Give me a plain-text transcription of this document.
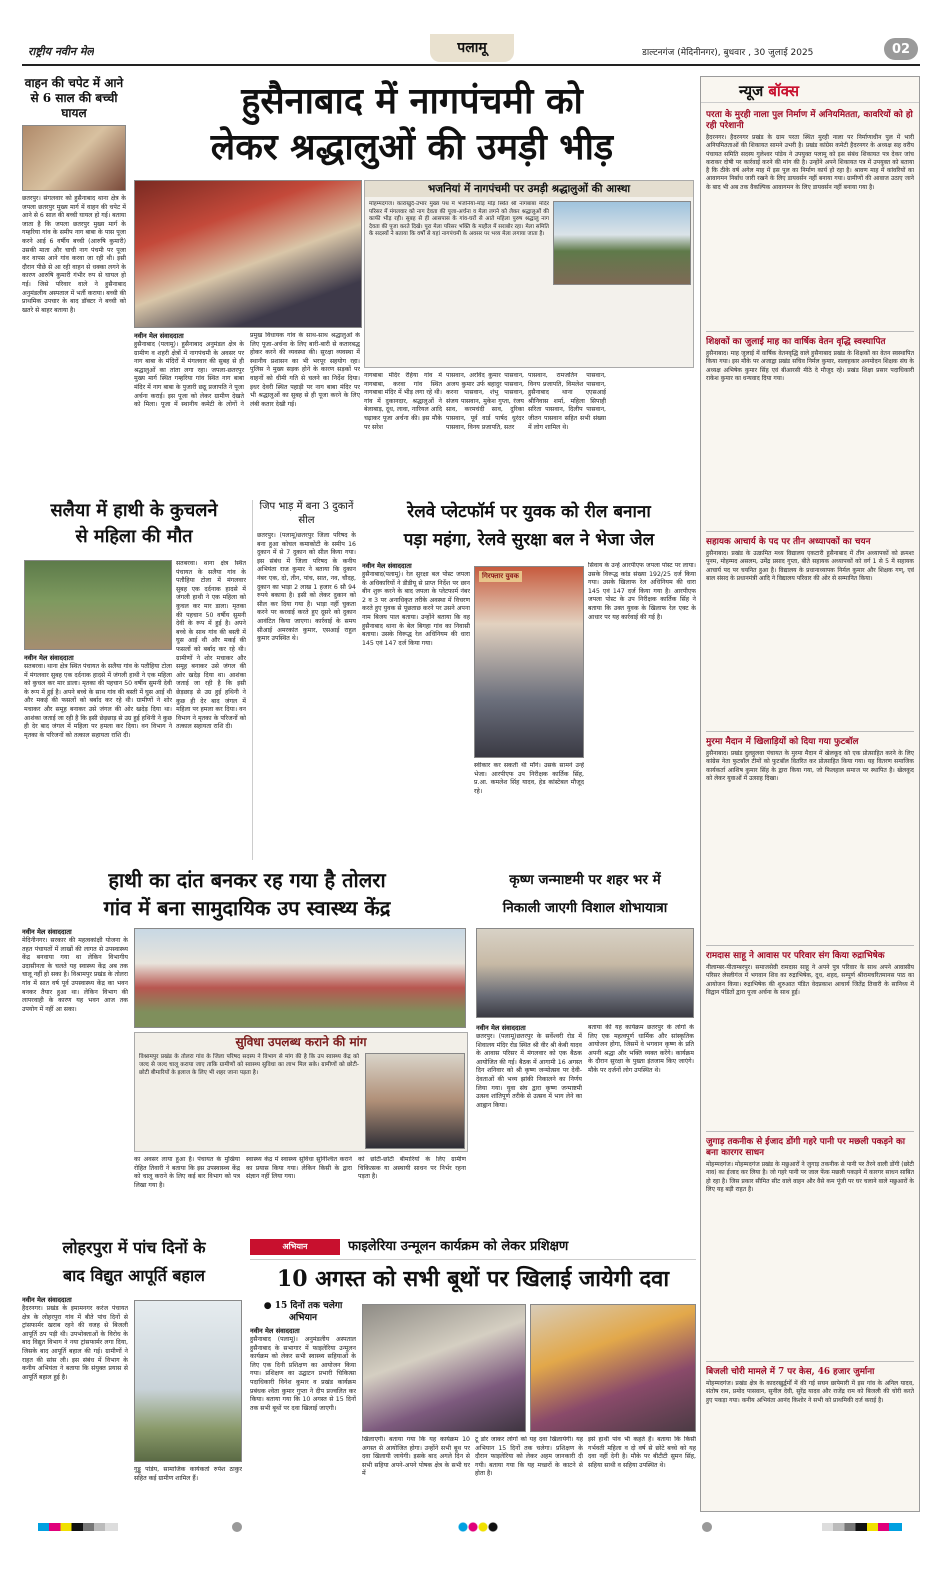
राष्ट्रीय नवीन मेल	पलामू	डाल्टनगंज (मेदिनीनगर), बुधवार , 30 जुलाई 2025	02
वाहन की चपेट में आने से 6 साल की बच्ची घायल
छतरपुर। संगलवार को हुसैनाबाद थाना क्षेत्र के जपला छतरपुर मुख्य मार्ग में वाहन की चपेट में आने से 6 साल की बच्ची घायल हो गई। बताया जाता है कि जपला छतरपुर मुख्य मार्ग के गम्हरिया गांव के समीप नाग बाबा के पास पूजा करने आई 6 वर्षीय बच्ची (आरुषि कुमारी) उसकी माता और चाची नाग पंचमी पर पूजा कर वापस आने गांव करवा जा रही थी। इसी दौरान पीछे से आ रही वाहन से धक्का लगने के कारण आरुषि कुमारी गंभीर रुप से घायल हो गई। जिसे परिवार वाले ने हुसैनाबाद अनुमंडलीय अस्पताल में भर्ती कराया। बच्ची की प्राथमिक उपचार के बाद डॉक्टर ने बच्ची को खतरे से बाहर बताया है।
हुसैनाबाद में नागपंचमी को
लेकर श्रद्धालुओं की उमड़ी भीड़
नवीन मेल संवाददाता
हुसैनाबाद (पलामू)। हुसैनाबाद अनुमंडल क्षेत्र के ग्रामीण व शहरी क्षेत्रों में नागपंचमी के अवसर पर नाग बाबा के मंदिरों में मंगलवार की सुबह से ही श्रद्धालुओं का तांता लगा रहा। जपला-छतरपुर मुख्य मार्ग स्थित गम्हरिया गांव स्थित नाग बाबा मंदिर में नाग बाबा के पुजारी छठू प्रजापति ने पूजा अर्चना कराई। इस पूजा को लेकर ग्रामीण देखते को मिला। पूजा में स्थानीय कमेटी के लोगों ने प्रमुख विधायक गांव के साथ-साथ श्रद्धालुओं के लिए पूजा-अर्चना के लिए बारी-बारी से कतारबद्ध होकर करने की व्यवस्था की। सुरक्षा व्यवस्था में स्थानीय प्रशासन का भी भरपूर सहयोग रहा। पुलिस ने मुख्य सड़क होने के कारण सड़कों पर वाहनों को धीमी गति से चलने का निर्देश दिया। इधर देवरी स्थित पहाड़ी पर नाग बाबा मंदिर पर भी श्रद्धालुओं का सुबह से ही पूजा करने के लिए लंबी कतार देखी गई।
भजनियां में नागपंचमी पर उमड़ी श्रद्धालुओं की आस्था
मोहम्मदगंज। काराखुर्द-उभार मुख्य पथ में भजनियां-मोड़ मोड़ स्थित श्री नागबाबा मंदिर परिसर में मंगलवार को नाग देवता की पूजा-अर्चना व मेला लगने को लेकर श्रद्धालुओं की काफी भीड़ रही। सुबह से ही आसपास के गांव-घरों से आते महिला पुरुष श्रद्धालु नाग देवता की पूजा करते दिखे। पूरा मेला परिसर भक्ति के माहौल में सराबोर रहा। मेला समिति के सदस्यों ने बताया कि वर्षों से यहां नागपंचमी के अवसर पर भव्य मेला लगाया जाता है।
नागबाबा मंदिर रेहिया गांव में नागबाबा, करवा गांव स्थित नागबाबा मंदिर में भीड़ लगा रहे थी। गांव में दुकानदार, श्रद्धालुओं ने बेलाबाड़, दूध, लावा, नारियल आदि चढ़ाकर पूजा अर्चना की। इस मौके पर सरेश
पासवान, अरविंद कुमार पासवान, अजय कुमार उर्फ बहादुर पासवान, करना पासवान, शंभु पासवान, संजय पासवान, मुकेश गुप्ता, रंजय साव, करमचंदी साव, दुरिका पासवान, पूर्व वार्ड पार्षद धुरंदर पासवान, विनय प्रजापति, सतर
पासवान, रामजतिन पासवान, विनय प्रजापति, विमलेश पासवान, हुसैनाबाद थाना एएसआई श्रीनिवास शर्मा, महिला सिपाही सरिता पासवान, दिलीप पासवान, जीतन पासवान सहित सभी संख्या में लोग शामिल थे।
न्यूज बॉक्स
परता के मुरही नाला पुल निर्माण में अनियमितता, कावरियों को हो रही परेशानी
हैदरनगर। हैदरनगर प्रखंड के ग्राम परता स्थित मुरही नाला पर निर्माणाधीन पुल में भारी अनियमितताओं की शिकायत सामने उभरी है। प्रखंड कांग्रेस कमेटी हैदरनगर के अध्यक्ष सह वरीय पंचायत समिति सदस्य गुलेश्वर पांडेय ने उपयुक्त पलामू को इस संबंध शिकायत पत्र देकर जांच कराकर दोषी पर कार्रवाई करने की मांग की है। उन्होंने अपने शिकायत पत्र में उपयुक्त को बताया है कि ठीके वर्ष अगेल माह में इस पुल का निर्माण कार्य हो रहा है। श्रावण माह में कांवरियों का आवागमन निर्बाध जारी रखने के लिए डायवर्सन नहीं बनाया गया। ग्रामीणों की आवाज उठाए जाने के बाद भी अब तक वैकल्पिक आवागमन के लिए डायवर्सन नहीं बनाया गया है।
शिक्षकों का जुलाई माह का वार्षिक वेतन वृद्धि स्वस्थापित
हुसैनाबाद। माह जुलाई में वार्षिक वेतनवृद्धि वाले हुसैनाबाद प्रखंड के शिक्षकों का वेतन स्वस्थापित किया गया। इस मौके पर अजाद्वा प्रखंड सचिव निर्मल कुमार, सलाहकार अनमोदन शिक्षक संघ के अध्यक्ष अभिषेक कुमार सिंह एवं बीआरसी मीठे दे मौजूद रहे। प्रखंड शिक्षा प्रसार पदाधिकारी राकेश कुमार का धन्यवाद दिया गया।
सहायक आचार्य के पद पर तीन अध्यापकों का चयन
हुसैनाबाद। प्रखंड के उत्क्रमित मध्य विद्यालय एकटारी हुसैनाबाद में तीन अध्यापकों को क्रमशः पूनम, मोहम्मद असलम, उमेंद्र प्रसाद गुप्ता, बीते सहायक अध्यापकों को वर्ग 1 से 5 में सहायक आचार्य पद पर चयनित हुआ है। विद्यालय के प्रधानाध्यापक निर्मल कुमार और शिक्षक गण्, एवं बाल संसद के प्रधानमंत्री आदि ने विद्यालय परिवार की ओर से सम्मानित किया।
मुरमा मैदान में खिलाड़ियों को दिया गया फुटबॉल
हुसैनाबाद। प्रखंड दुलहुलवा पंचायत के मुरमा मैदान में खेलकूद को एक प्रोत्साहित करने के लिए कांग्रेस नेता फुटबॉल टीमों को फुटबॉल वितरित कर प्रोत्साहित किया गया। यह वितरण समाजिक कार्यकर्ता आशिष कुमार सिंह के द्वारा किया गया, जो फिलहाल समाज पर स्थापित है। खेलकूद को लेकर युवाओं में उत्साह दिखा।
रामदास साहू ने आवास पर परिवार संग किया रुद्राभिषेक
नीलाम्बर-पीताम्बरपुर। समाजसेवी रामदास साहू ने अपने पुत्र परिवार के साथ अपने आवासीय परिसर लेस्लीगंज में भगवान शिव का रुद्राभिषेक, दूध, शहद, सम्पूर्ण श्रीरामचरितमानस पाठ का आयोजन किया। रुद्राभिषेक की शुरुआत पंडित वेदप्रकाश आचार्य जितेंद्र तिवारी के सानिध्य में विद्वान पंडितों द्वारा पूजा अर्चना के साथ हुई।
जुगाड़ तकनीक से ईजाद डोंगी गहरे पानी पर मछली पकड़ने का बना कारगर साधन
मोहम्मदगंज। मोहम्मदगंज प्रखंड के मछुआरों ने जुगाड़ तकनीक से पानी पर तैरने वाली डोंगी (छोटी नाव) का ईजाद कर लिया है। जो गहरे पानी पर जाल फेंक मछली पकड़ने में कारगर साधन साबित हो रहा है। जिस प्रकार सीमित सीट वाले वाहन और वैसे कम पूंजी पर घर चलाने वाले मछुआरों के लिए यह बड़ी राहत है।
बिजली चोरी मामले में 7 पर केस, 46 हजार जुर्माना
मोहम्मदगंज। प्रखंड क्षेत्र के कादरखुर्द्वर्मों में की गई सघन छापेमारी में इस गांव के अनिल यादव, संतोष राम, प्रमोद पासवान, सुनील देवी, सुरेंद्र यादव और राजेंद्र राम को बिजली की चोरी करते हुए पकड़ा गया। कनीय अभियंता आनंद किशोर ने सभी को प्राथमिकी दर्ज कराई है।
सलैया में हाथी के कुचलने
से महिला की मौत
सतबरवा। थाना क्षेत्र स्थित पंचायत के सलैया गांव के पतौहिया टोला में मंगलवार सुबह एक दर्दनाक हादसे में जंगली हाथी ने एक महिला को कुचल कर मार डाला। मृतका की पहचान 50 वर्षीय सुमनी देवी के रूप में हुई है। अपने बच्चे के साथ गांव की बस्ती में घुस आई थी और मकई की फसलों को बर्बाद कर रहे थी। ग्रामीणों ने शोर मचाकर और समूह बनाकर उसे जंगल की ओर खदेड़ दिया था। आशंका जताई जा रही है कि इसी छेड़छाड़ से उग्र हुई हथिनी ने कुछ ही देर बाद जंगल में महिला पर हमला कर दिया। वन विभाग ने मृतका के परिजनों को तत्काल सहायता राशि दी।
नवीन मेल संवाददाता
सतबरवा। थाना क्षेत्र स्थित पंचायत के सलैया गांव के पतौहिया टोला में मंगलवार सुबह एक दर्दनाक हादसे में जंगली हाथी ने एक महिला को कुचल कर मार डाला। मृतका की पहचान 50 वर्षीय सुमनी देवी के रूप में हुई है। अपने बच्चे के साथ गांव की बस्ती में घुस आई थी और मकई की फसलों को बर्बाद कर रहे थी। ग्रामीणों ने शोर मचाकर और समूह बनाकर उसे जंगल की ओर खदेड़ दिया था। आशंका जताई जा रही है कि इसी छेड़छाड़ से उग्र हुई हथिनी ने कुछ ही देर बाद जंगल में महिला पर हमला कर दिया। वन विभाग ने मृतका के परिजनों को तत्काल सहायता राशि दी।
जिप भाड़ में बना 3 दुकानें सील
छतरपुर। (पलामू)छतरपुर जिला परिषद के बना हुआ कोचल कमाकोटी के समीप 16 दुकान में से 7 दुकान को सील किया गया। इस संबंध में जिला परिषद के कनीय अभियंता राज कुमार ने बताया कि दुकान नंबर एक, दो, तीन, पांच, सात, नव, चौदह, दुकान का भाड़ा 2 लाख 1 हजार 6 सौ 94 रुपये बकाया है। इसी को लेकर दुकान को सील कर दिया गया है। भाड़ा नहीं चुकता करने पर करवाई करते हुए दूसरे को दुकान आवंटित किया जाएगा। कार्रवाई के समय सीआई अमरकांत कुमार, एसआई राहुल कुमार उपस्थित थे।
रेलवे प्लेटफॉर्म पर युवक को रील बनाना
पड़ा महंगा, रेलवे सुरक्षा बल ने भेजा जेल
नवीन मेल संवाददाता
हुसैनाबाद(पलामू)। रेल सुरक्षा बल पोस्ट जपला के अधिकारियों ने डीडीयू से प्राप्त निर्देश पर छान बीन शुरू करने के बाद जपला के प्लेटफार्म नंबर 2 व 3 पर अनाधिकृत तरीके अवस्था में विचरण करते हुए युवक से पूछताछ करने पर उसने अपना नाम बिजय पाल बताया। उन्होंने बताया कि वह हुसैनाबाद थाना के बेल बिगहा गांव का निवासी बताया। उसके विरूद्ध रेल अधिनियम की धारा 145 एवं 147 दर्ज किया गया।
गिरफ्तार युवक
स्वीकार कर सकती थी माँगे। उसके सामने उन्हें भेजा। आरपीएफ उप निरीक्षक कार्तिक सिंह, प्र.आ. कमलेश सिंह यादव, हेड कांस्टेबल मौजूद रहे।
सिवाय के उन्हें आरपीएफ जपला पोस्ट पर लाया। उसके विरूद्ध कांड संख्या 192/25 दर्ज किया गया। उसके खिलाफ रेल अधिनियम की धारा 145 एवं 147 दर्ज किया गया है। आरपीएफ जपला पोस्ट के उप निरीक्षक कार्तिक सिंह ने बताया कि उक्त युवक के खिलाफ रेल एक्ट के आधार पर यह कार्रवाई की गई है।
हाथी का दांत बनकर रह गया है तोलरा
गांव में बना सामुदायिक उप स्वास्थ्य केंद्र
नवीन मेल संवाददाता
मेदिनीनगर। सरकार की महत्वकांक्षी योजना के तहत पंचायतों में लाखों की लागत से उपस्वास्थ्य केंद्र बनवाया गया था लेकिन विभागीय उदासीनता के चलते यह स्वास्थ्य केंद्र अब तक चालू नहीं हो सका है। विश्रामपुर प्रखंड के तोलरा गांव में सात वर्ष पूर्व उपस्वास्थ्य केंद्र का भवन बनकर तैयार हुआ था। लेकिन विभाग की लापरवाही के कारण यह भवन आज तक उपयोग में नहीं आ सका।
सुविधा उपलब्ध कराने की मांग
विश्रामपुर प्रखंड के तोलरा गांव के जिला परिषद सदस्य ने विभाग से मांग की है कि उप स्वास्थ्य केंद्र को जल्द से जल्द चालू कराया जाए ताकि ग्रामीणों को स्वास्थ्य सुविधा का लाभ मिल सके। ग्रामीणों को छोटी-छोटी बीमारियों के इलाज के लिए भी शहर जाना पड़ता है।
का अवसर लाया हुआ है। पंचायत के मुखिया रोहित तिवारी ने बताया कि इस उपस्वास्थ्य केंद्र को चालू कराने के लिए कई बार विभाग को पत्र लिखा गया है।
स्वास्थ्य केंद्र में स्वास्थ्य सुविधा सुनिश्चित कराने का प्रयास किया गया। लेकिन किसी के द्वारा संज्ञान नहीं लिया गया।
को छोटी-छोटी बीमारियों के लिए ग्रामीण चिकित्सक या अस्थायी साधन पर निर्भर रहना पड़ता है।
कृष्ण जन्माष्टमी पर शहर भर में
निकाली जाएगी विशाल शोभायात्रा
नवीन मेल संवाददाता
छतरपुर। (पलामू)छतरपुर के सर्वेश्वरी रोड में शिवालय मंदिर रोड स्थित श्री वीर श्री केबी यादव के आवास परिसर में मंगलवार को एक बैठक आयोजित की गई। बैठक में आगामी 16 अगस्त दिन शनिवार को श्री कृष्ण जन्मोत्सव पर देवी-देवताओं की भव्य झांकी निकालने का निर्णय लिया गया। युवा संघ द्वारा कृष्ण जन्माष्टमी उत्सव शांतिपूर्ण तरीके से उत्सव में भाग लेने का आह्वान किया।
बताया की यह कार्यक्रम छतरपुर के लोगों के लिए एक महत्वपूर्ण धार्मिक और सांस्कृतिक आयोजन होगा, जिसमें वे भगवान कृष्ण के प्रति अपनी श्रद्धा और भक्ति व्यक्त करेंगे। कार्यक्रम के दौरान सुरक्षा के पुख्ता इंतजाम किए जाएंगे। मौके पर दर्जनों लोग उपस्थित थे।
लोहरपुरा में पांच दिनों के
बाद विद्युत आपूर्ति बहाल
नवीन मेल संवाददाता
हैदरनगर। प्रखंड के इमामनगर करंज पंचायत क्षेत्र के लोहरपुरा गांव में बीते पांच दिनों से ट्रांसफार्मर खराब रहने की वजह से बिजली आपूर्ति ठप पड़ी थी। उपभोक्ताओं के विरोध के बाद विद्युत विभाग ने नया ट्रांसफार्मर लगा दिया, जिसके बाद आपूर्ति बहाल की गई। ग्रामीणों ने राहत की सांस ली। इस संबंध में विभाग के कनीय अभियंता ने बताया कि संयुक्त प्रयास से आपूर्ति बहाल हुई है।
गुड्डू पांडेय, सामाजिक कार्यकर्ता रुपेश ठाकुर सहित कई ग्रामीण शामिल हैं।
अभियान	फाइलेरिया उन्मूलन कार्यक्रम को लेकर प्रशिक्षण
10 अगस्त को सभी बूथों पर खिलाई जायेगी दवा
● 15 दिनों तक चलेगा अभियान
नवीन मेल संवाददाता
हुसैनाबाद (पलामू)। अनुमंडलीय अस्पताल हुसैनाबाद के सभागार में फाइलेरिया उन्मूलन कार्यक्रम को लेकर सभी स्वास्थ्य सहियाओं के लिए एक दिनी प्रशिक्षण का आयोजन किया गया। प्रशिक्षण का उद्घाटन प्रभारी चिकित्सा पदाधिकारी विनेश कुमार व प्रखंड कार्यक्रम प्रबंधक श्वेता कुमार गुप्ता ने दीप प्रज्वलित कर किया। बताया गया कि 10 अगस्त से 15 दिनों तक सभी बूथों पर दवा खिलाई जाएगी।
खिलाएगी। बताया गया कि यह कार्यक्रम 10 अगस्त से आयोजित होगा। उन्होंने सभी बूथ पर दवा खिलायी जायेगी। इसके बाद अगले दिन से सभी सहिया अपने-अपने पोषक क्षेत्र के सभी घर में
टू डोर जाकर लोगों को यह दवा खिलायेगी। यह अभियान 15 दिनों तक चलेगा। प्रशिक्षण के दौरान फाइलेरिया को लेकर अहम जानकारी दी गयी। बताया गया कि यह मच्छरों के काटने से होता है।
इसे हाथी पांव भी कहते हैं। बताया कि किसी गर्भवती महिला व दो वर्ष से छोटे बच्चे को यह दवा नहीं देनी है। मौके पर बीटीटी सुमन सिंह, सहिया साथी व सहिया उपस्थित थे।
